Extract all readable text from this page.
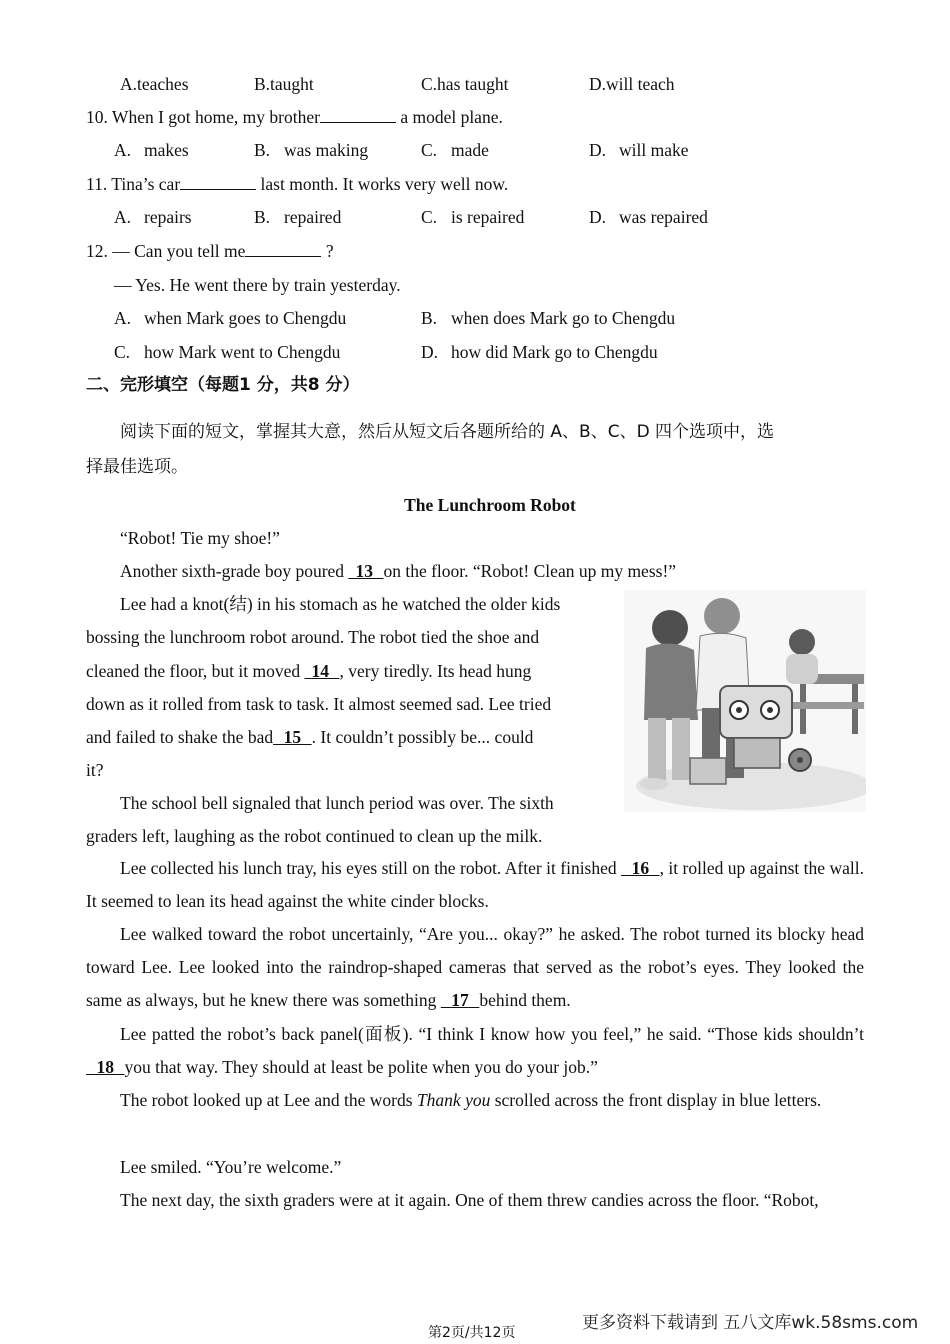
A.teaches	B.taught	C.has taught	D.will teach
10. When I got home, my brother	a model plane.
A. makes	B. was making	C. made	D. will make
11. Tina’s car	last month. It works very well now.
A. repairs	B. repaired	C. is repaired	D. was repaired
12. — Can you tell me	?
— Yes. He went there by train yesterday.
A. when Mark goes to Chengdu	B. when does Mark go to Chengdu
C. how Mark went to Chengdu	D. how did Mark go to Chengdu
二、完形填空（每题1 分，共8 分）
阅读下面的短文，掌握其大意，然后从短文后各题所给的 A、B、C、D 四个选项中，选
择最佳选项。
The Lunchroom Robot
“Robot! Tie my shoe!”
Another sixth-grade boy poured   13    on the floor. “Robot! Clean up my mess!”
Lee had a knot(结) in his stomach as he watched the older kids
bossing the lunchroom robot around. The robot tied the shoe and
cleaned the floor, but it moved   14    , very tiredly. Its head hung
down as it rolled from task to task. It almost seemed sad. Lee tried
and failed to shake the bad    15    . It couldn’t possibly be... could
it?
The school bell signaled that lunch period was over. The sixth
graders left, laughing as the robot continued to clean up the milk.
Lee collected his lunch tray, his eyes still on the robot. After it finished    16    , it rolled up against the wall. It seemed to lean its head against the white cinder blocks.
Lee walked toward the robot uncertainly, “Are you... okay?” he asked. The robot turned its blocky head toward Lee. Lee looked into the raindrop-shaped cameras that served as the robot’s eyes. They looked the same as always, but he knew there was something    17    behind them.
Lee patted the robot’s back panel(面板). “I think I know how you feel,” he said. “Those kids shouldn’t    18    you that way. They should at least be polite when you do your job.”
The robot looked up at Lee and the words Thank you scrolled across the front display in blue letters.
Lee smiled. “You’re welcome.”
The next day, the sixth graders were at it again. One of them threw candies across the floor. “Robot,
第2页/共12页	更多资料下载请到 五八文库wk.58sms.com
